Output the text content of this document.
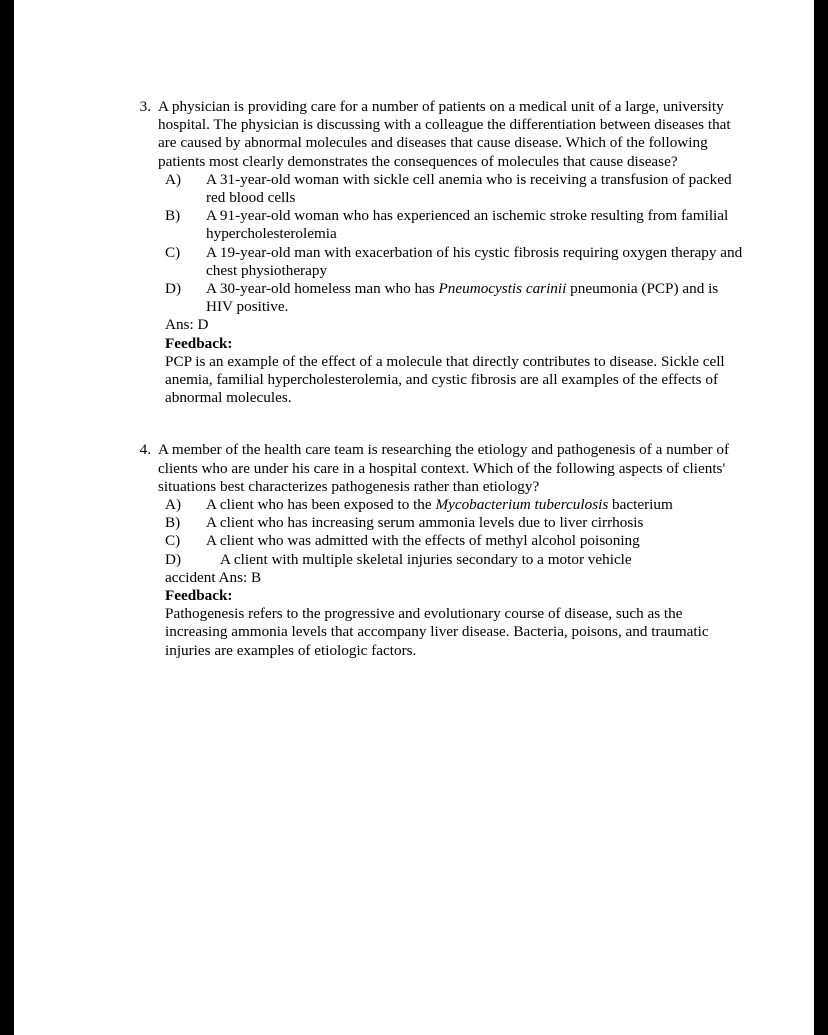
3. A physician is providing care for a number of patients on a medical unit of a large, university hospital. The physician is discussing with a colleague the differentiation between diseases that are caused by abnormal molecules and diseases that cause disease. Which of the following patients most clearly demonstrates the consequences of molecules that cause disease?
A)	A 31-year-old woman with sickle cell anemia who is receiving a transfusion of packed red blood cells
B)	A 91-year-old woman who has experienced an ischemic stroke resulting from familial hypercholesterolemia
C)	A 19-year-old man with exacerbation of his cystic fibrosis requiring oxygen therapy and chest physiotherapy
D)	A 30-year-old homeless man who has Pneumocystis carinii pneumonia (PCP) and is HIV positive.
Ans: D
Feedback:
PCP is an example of the effect of a molecule that directly contributes to disease. Sickle cell anemia, familial hypercholesterolemia, and cystic fibrosis are all examples of the effects of abnormal molecules.
4. A member of the health care team is researching the etiology and pathogenesis of a number of clients who are under his care in a hospital context. Which of the following aspects of clients' situations best characterizes pathogenesis rather than etiology?
A)	A client who has been exposed to the Mycobacterium tuberculosis bacterium
B)	A client who has increasing serum ammonia levels due to liver cirrhosis
C)	A client who was admitted with the effects of methyl alcohol poisoning
D)	A client with multiple skeletal injuries secondary to a motor vehicle
accident Ans: B
Feedback:
Pathogenesis refers to the progressive and evolutionary course of disease, such as the increasing ammonia levels that accompany liver disease. Bacteria, poisons, and traumatic injuries are examples of etiologic factors.
